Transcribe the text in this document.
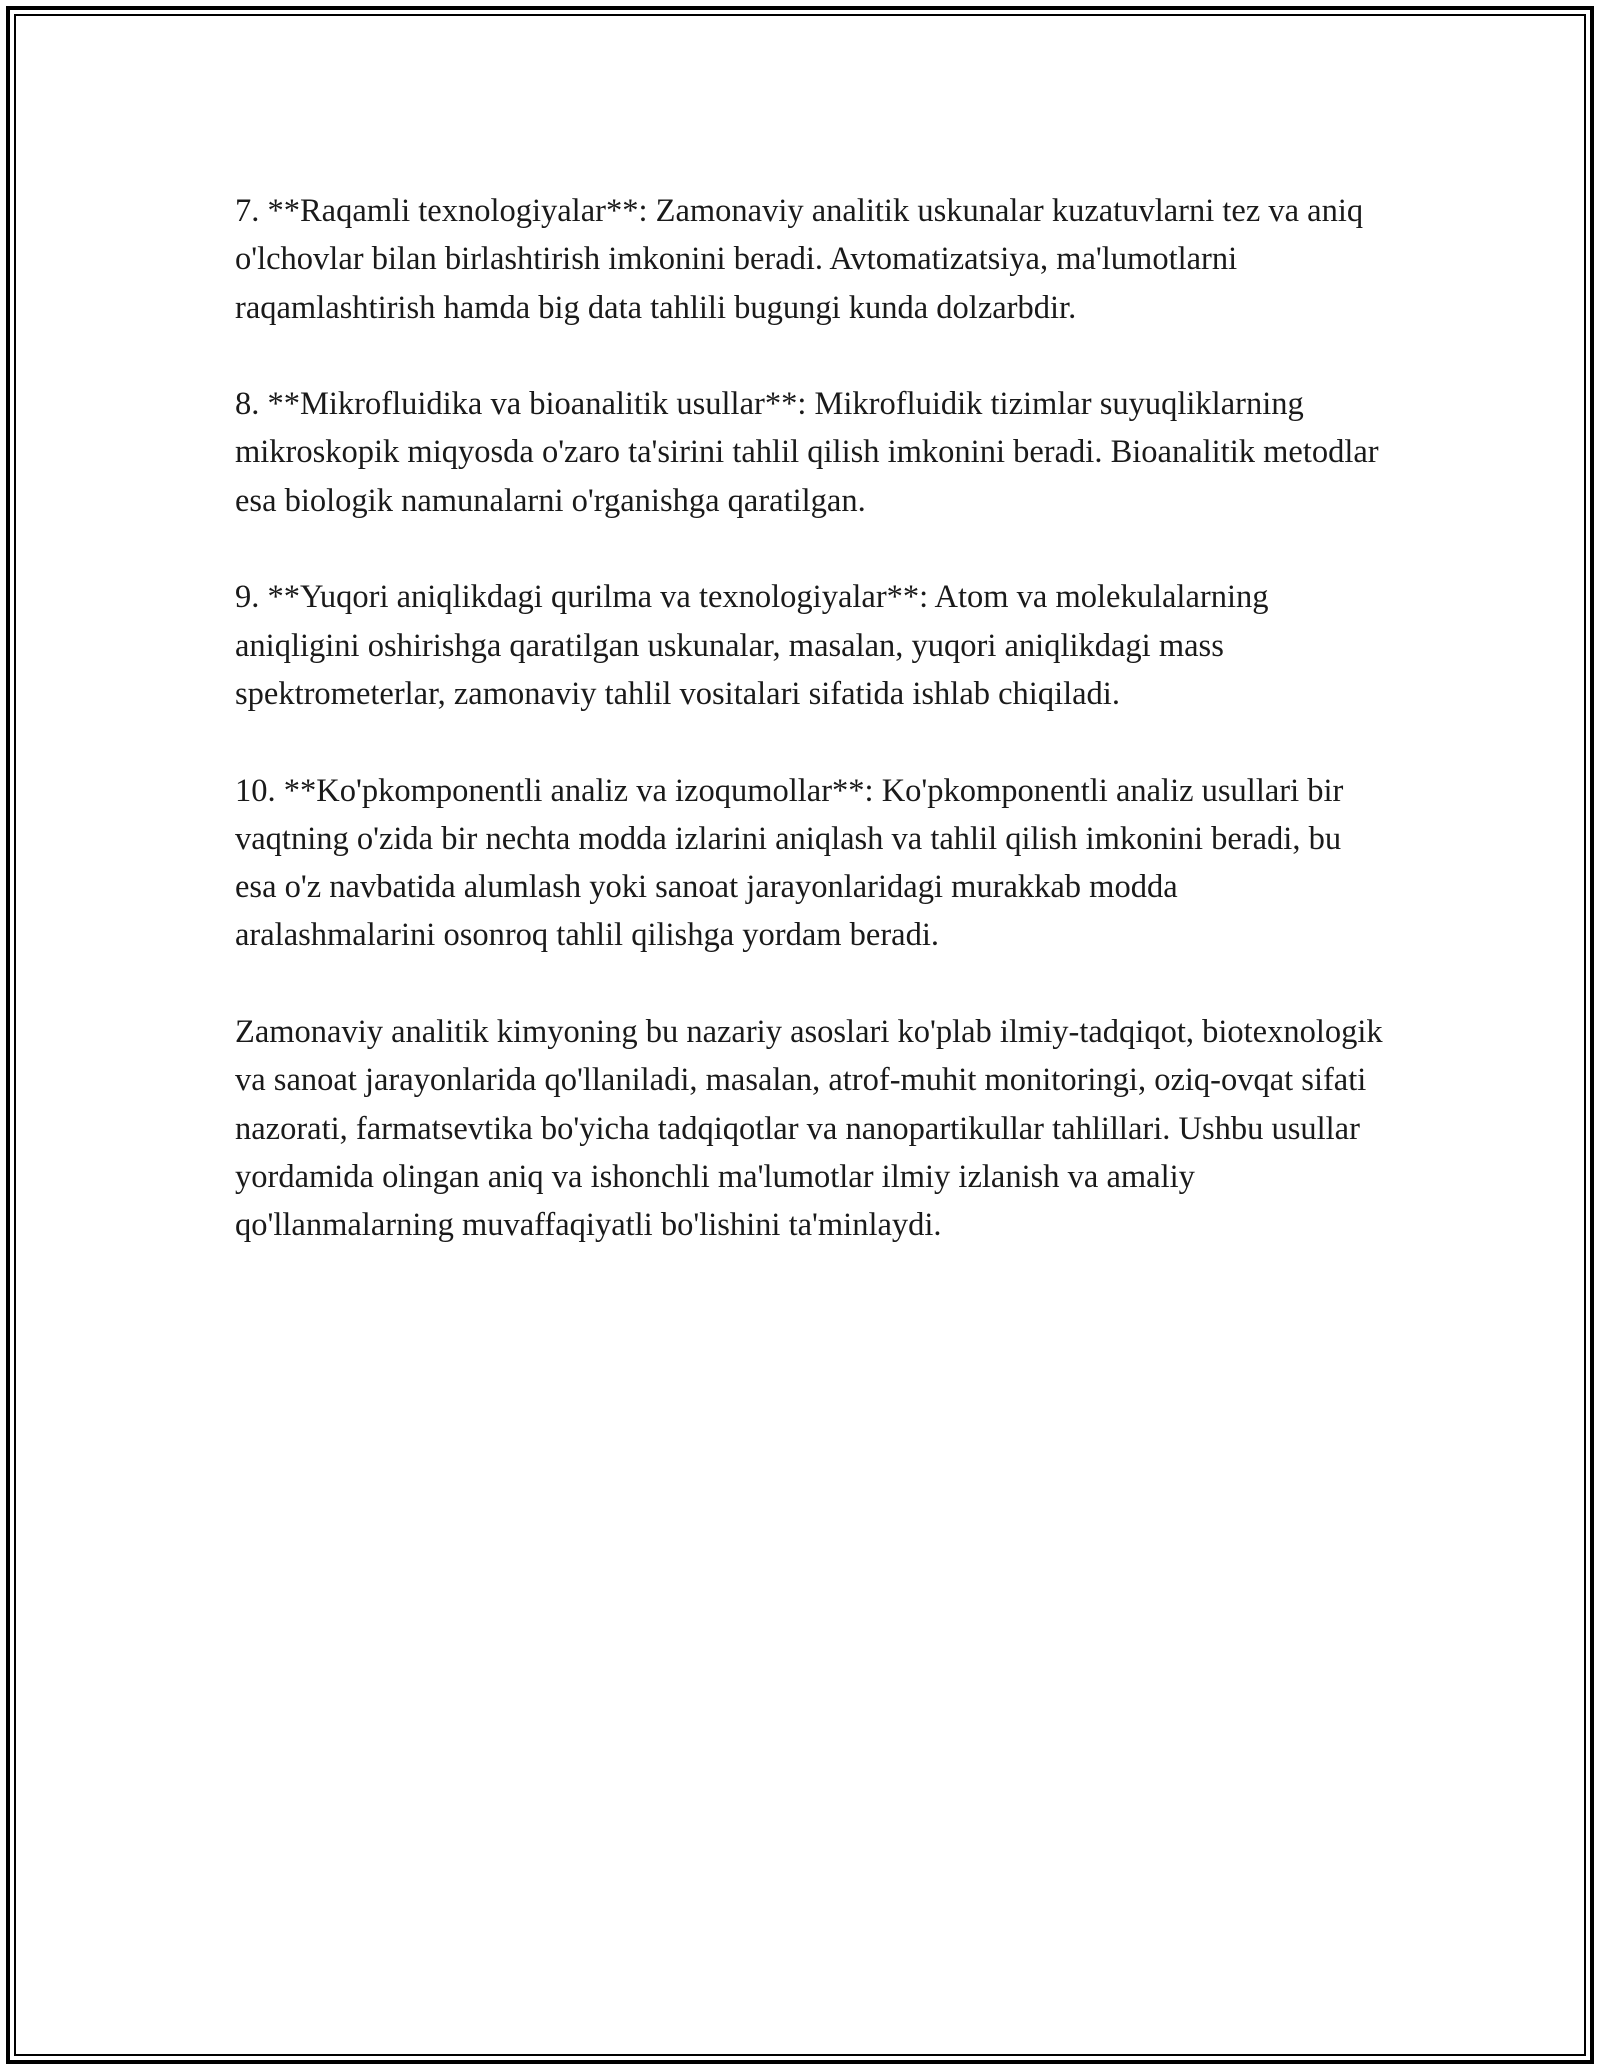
7. **Raqamli texnologiyalar**: Zamonaviy analitik uskunalar kuzatuvlarni tez va aniq o'lchovlar bilan birlashtirish imkonini beradi. Avtomatizatsiya, ma'lumotlarni raqamlashtirish hamda big data tahlili bugungi kunda dolzarbdir.

8. **Mikrofluidika va bioanalitik usullar**: Mikrofluidik tizimlar suyuqliklarning mikroskopik miqyosda o'zaro ta'sirini tahlil qilish imkonini beradi. Bioanalitik metodlar esa biologik namunalarni o'rganishga qaratilgan.

9. **Yuqori aniqlikdagi qurilma va texnologiyalar**: Atom va molekulalarning aniqligini oshirishga qaratilgan uskunalar, masalan, yuqori aniqlikdagi mass spektrometerlar, zamonaviy tahlil vositalari sifatida ishlab chiqiladi.

10. **Ko'pkomponentli analiz va izoqumollar**: Ko'pkomponentli analiz usullari bir vaqtning o'zida bir nechta modda izlarini aniqlash va tahlil qilish imkonini beradi, bu esa o'z navbatida alumlash yoki sanoat jarayonlaridagi murakkab modda aralashmalarini osonroq tahlil qilishga yordam beradi.

Zamonaviy analitik kimyoning bu nazariy asoslari ko'plab ilmiy-tadqiqot, biotexnologik va sanoat jarayonlarida qo'llaniladi, masalan, atrof-muhit monitoringi, oziq-ovqat sifati nazorati, farmatsevtika bo'yicha tadqiqotlar va nanopartikullar tahlillari. Ushbu usullar yordamida olingan aniq va ishonchli ma'lumotlar ilmiy izlanish va amaliy qo'llanmalarning muvaffaqiyatli bo'lishini ta'minlaydi.
